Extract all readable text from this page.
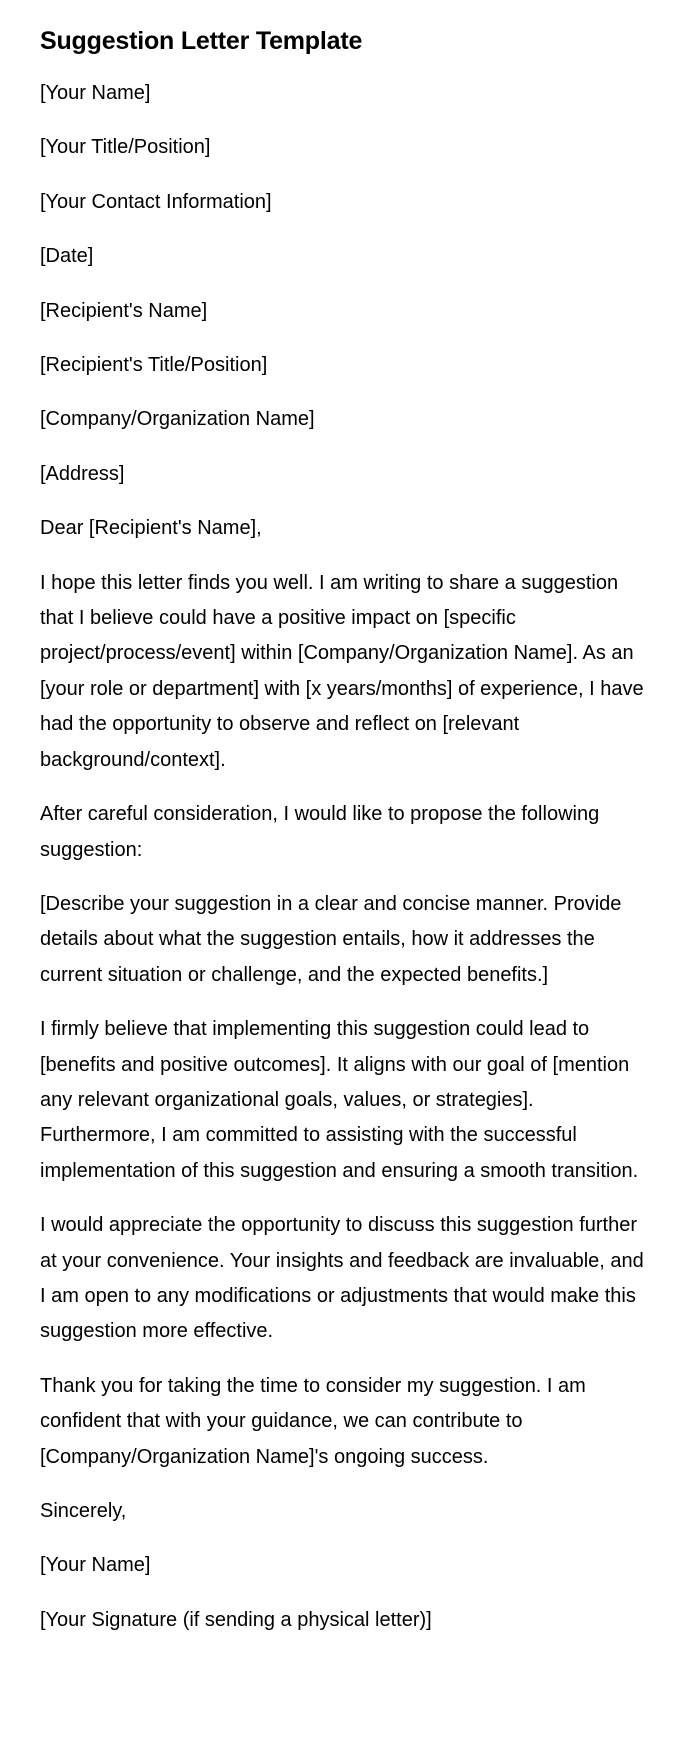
Suggestion Letter Template

[Your Name]

[Your Title/Position]

[Your Contact Information]

[Date]

[Recipient's Name]

[Recipient's Title/Position]

[Company/Organization Name]

[Address]

Dear [Recipient's Name],

I hope this letter finds you well. I am writing to share a suggestion that I believe could have a positive impact on [specific project/process/event] within [Company/Organization Name]. As an [your role or department] with [x years/months] of experience, I have had the opportunity to observe and reflect on [relevant background/context].

After careful consideration, I would like to propose the following suggestion:

[Describe your suggestion in a clear and concise manner. Provide details about what the suggestion entails, how it addresses the current situation or challenge, and the expected benefits.]

I firmly believe that implementing this suggestion could lead to [benefits and positive outcomes]. It aligns with our goal of [mention any relevant organizational goals, values, or strategies]. Furthermore, I am committed to assisting with the successful implementation of this suggestion and ensuring a smooth transition.

I would appreciate the opportunity to discuss this suggestion further at your convenience. Your insights and feedback are invaluable, and I am open to any modifications or adjustments that would make this suggestion more effective.

Thank you for taking the time to consider my suggestion. I am confident that with your guidance, we can contribute to [Company/Organization Name]'s ongoing success.

Sincerely,

[Your Name]

[Your Signature (if sending a physical letter)]
